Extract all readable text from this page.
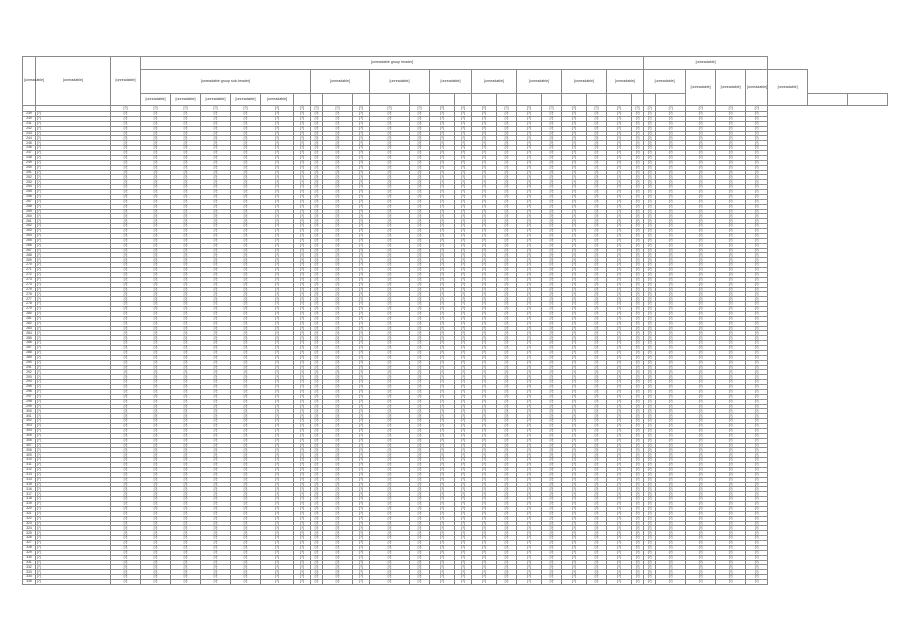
[unreadable]	[unreadable]	[unreadable]	[unreadable group header]																					[unreadable]							
			[unreadable group sub-header]						[unreadable]			[unreadable]		[unreadable]		[unreadable]		[unreadable]		[unreadable]		[unreadable]		[unreadable]		[unreadable]	[unreadable]	[unreadable]	[unreadable]		
			[unreadable]	[unreadable]	[unreadable]	[unreadable]	[unreadable]																								
		[?]	[?]	[?]	[?]	[?]	[?]	[?]	[?]	[?]	[?]	[?]	[?]	[?]	[?]	[?]	[?]	[?]	[?]	[?]	[?]	[?]	[?]	[?]	[?]	[?]	[?]	[?]			
239	[?]	[?]	[?]	[?]	[?]	[?]	[?]	[?]	[?]	[?]	[?]	[?]	[?]	[?]	[?]	[?]	[?]	[?]	[?]	[?]	[?]	[?]	[?]	[?]	[?]	[?]	[?]	[?]			
240	[?]	[?]	[?]	[?]	[?]	[?]	[?]	[?]	[?]	[?]	[?]	[?]	[?]	[?]	[?]	[?]	[?]	[?]	[?]	[?]	[?]	[?]	[?]	[?]	[?]	[?]	[?]	[?]			
241	[?]	[?]	[?]	[?]	[?]	[?]	[?]	[?]	[?]	[?]	[?]	[?]	[?]	[?]	[?]	[?]	[?]	[?]	[?]	[?]	[?]	[?]	[?]	[?]	[?]	[?]	[?]	[?]			
242	[?]	[?]	[?]	[?]	[?]	[?]	[?]	[?]	[?]	[?]	[?]	[?]	[?]	[?]	[?]	[?]	[?]	[?]	[?]	[?]	[?]	[?]	[?]	[?]	[?]	[?]	[?]	[?]			
243	[?]	[?]	[?]	[?]	[?]	[?]	[?]	[?]	[?]	[?]	[?]	[?]	[?]	[?]	[?]	[?]	[?]	[?]	[?]	[?]	[?]	[?]	[?]	[?]	[?]	[?]	[?]	[?]			
244	[?]	[?]	[?]	[?]	[?]	[?]	[?]	[?]	[?]	[?]	[?]	[?]	[?]	[?]	[?]	[?]	[?]	[?]	[?]	[?]	[?]	[?]	[?]	[?]	[?]	[?]	[?]	[?]			
245	[?]	[?]	[?]	[?]	[?]	[?]	[?]	[?]	[?]	[?]	[?]	[?]	[?]	[?]	[?]	[?]	[?]	[?]	[?]	[?]	[?]	[?]	[?]	[?]	[?]	[?]	[?]	[?]			
246	[?]	[?]	[?]	[?]	[?]	[?]	[?]	[?]	[?]	[?]	[?]	[?]	[?]	[?]	[?]	[?]	[?]	[?]	[?]	[?]	[?]	[?]	[?]	[?]	[?]	[?]	[?]	[?]			
247	[?]	[?]	[?]	[?]	[?]	[?]	[?]	[?]	[?]	[?]	[?]	[?]	[?]	[?]	[?]	[?]	[?]	[?]	[?]	[?]	[?]	[?]	[?]	[?]	[?]	[?]	[?]	[?]			
248	[?]	[?]	[?]	[?]	[?]	[?]	[?]	[?]	[?]	[?]	[?]	[?]	[?]	[?]	[?]	[?]	[?]	[?]	[?]	[?]	[?]	[?]	[?]	[?]	[?]	[?]	[?]	[?]			
249	[?]	[?]	[?]	[?]	[?]	[?]	[?]	[?]	[?]	[?]	[?]	[?]	[?]	[?]	[?]	[?]	[?]	[?]	[?]	[?]	[?]	[?]	[?]	[?]	[?]	[?]	[?]	[?]			
250	[?]	[?]	[?]	[?]	[?]	[?]	[?]	[?]	[?]	[?]	[?]	[?]	[?]	[?]	[?]	[?]	[?]	[?]	[?]	[?]	[?]	[?]	[?]	[?]	[?]	[?]	[?]	[?]			
251	[?]	[?]	[?]	[?]	[?]	[?]	[?]	[?]	[?]	[?]	[?]	[?]	[?]	[?]	[?]	[?]	[?]	[?]	[?]	[?]	[?]	[?]	[?]	[?]	[?]	[?]	[?]	[?]			
252	[?]	[?]	[?]	[?]	[?]	[?]	[?]	[?]	[?]	[?]	[?]	[?]	[?]	[?]	[?]	[?]	[?]	[?]	[?]	[?]	[?]	[?]	[?]	[?]	[?]	[?]	[?]	[?]			
253	[?]	[?]	[?]	[?]	[?]	[?]	[?]	[?]	[?]	[?]	[?]	[?]	[?]	[?]	[?]	[?]	[?]	[?]	[?]	[?]	[?]	[?]	[?]	[?]	[?]	[?]	[?]	[?]			
254	[?]	[?]	[?]	[?]	[?]	[?]	[?]	[?]	[?]	[?]	[?]	[?]	[?]	[?]	[?]	[?]	[?]	[?]	[?]	[?]	[?]	[?]	[?]	[?]	[?]	[?]	[?]	[?]			
255	[?]	[?]	[?]	[?]	[?]	[?]	[?]	[?]	[?]	[?]	[?]	[?]	[?]	[?]	[?]	[?]	[?]	[?]	[?]	[?]	[?]	[?]	[?]	[?]	[?]	[?]	[?]	[?]			
256	[?]	[?]	[?]	[?]	[?]	[?]	[?]	[?]	[?]	[?]	[?]	[?]	[?]	[?]	[?]	[?]	[?]	[?]	[?]	[?]	[?]	[?]	[?]	[?]	[?]	[?]	[?]	[?]			
257	[?]	[?]	[?]	[?]	[?]	[?]	[?]	[?]	[?]	[?]	[?]	[?]	[?]	[?]	[?]	[?]	[?]	[?]	[?]	[?]	[?]	[?]	[?]	[?]	[?]	[?]	[?]	[?]			
258	[?]	[?]	[?]	[?]	[?]	[?]	[?]	[?]	[?]	[?]	[?]	[?]	[?]	[?]	[?]	[?]	[?]	[?]	[?]	[?]	[?]	[?]	[?]	[?]	[?]	[?]	[?]	[?]			
259	[?]	[?]	[?]	[?]	[?]	[?]	[?]	[?]	[?]	[?]	[?]	[?]	[?]	[?]	[?]	[?]	[?]	[?]	[?]	[?]	[?]	[?]	[?]	[?]	[?]	[?]	[?]	[?]			
260	[?]	[?]	[?]	[?]	[?]	[?]	[?]	[?]	[?]	[?]	[?]	[?]	[?]	[?]	[?]	[?]	[?]	[?]	[?]	[?]	[?]	[?]	[?]	[?]	[?]	[?]	[?]	[?]			
261	[?]	[?]	[?]	[?]	[?]	[?]	[?]	[?]	[?]	[?]	[?]	[?]	[?]	[?]	[?]	[?]	[?]	[?]	[?]	[?]	[?]	[?]	[?]	[?]	[?]	[?]	[?]	[?]			
262	[?]	[?]	[?]	[?]	[?]	[?]	[?]	[?]	[?]	[?]	[?]	[?]	[?]	[?]	[?]	[?]	[?]	[?]	[?]	[?]	[?]	[?]	[?]	[?]	[?]	[?]	[?]	[?]			
263	[?]	[?]	[?]	[?]	[?]	[?]	[?]	[?]	[?]	[?]	[?]	[?]	[?]	[?]	[?]	[?]	[?]	[?]	[?]	[?]	[?]	[?]	[?]	[?]	[?]	[?]	[?]	[?]			
264	[?]	[?]	[?]	[?]	[?]	[?]	[?]	[?]	[?]	[?]	[?]	[?]	[?]	[?]	[?]	[?]	[?]	[?]	[?]	[?]	[?]	[?]	[?]	[?]	[?]	[?]	[?]	[?]			
265	[?]	[?]	[?]	[?]	[?]	[?]	[?]	[?]	[?]	[?]	[?]	[?]	[?]	[?]	[?]	[?]	[?]	[?]	[?]	[?]	[?]	[?]	[?]	[?]	[?]	[?]	[?]	[?]			
266	[?]	[?]	[?]	[?]	[?]	[?]	[?]	[?]	[?]	[?]	[?]	[?]	[?]	[?]	[?]	[?]	[?]	[?]	[?]	[?]	[?]	[?]	[?]	[?]	[?]	[?]	[?]	[?]			
267	[?]	[?]	[?]	[?]	[?]	[?]	[?]	[?]	[?]	[?]	[?]	[?]	[?]	[?]	[?]	[?]	[?]	[?]	[?]	[?]	[?]	[?]	[?]	[?]	[?]	[?]	[?]	[?]			
268	[?]	[?]	[?]	[?]	[?]	[?]	[?]	[?]	[?]	[?]	[?]	[?]	[?]	[?]	[?]	[?]	[?]	[?]	[?]	[?]	[?]	[?]	[?]	[?]	[?]	[?]	[?]	[?]			
269	[?]	[?]	[?]	[?]	[?]	[?]	[?]	[?]	[?]	[?]	[?]	[?]	[?]	[?]	[?]	[?]	[?]	[?]	[?]	[?]	[?]	[?]	[?]	[?]	[?]	[?]	[?]	[?]			
270	[?]	[?]	[?]	[?]	[?]	[?]	[?]	[?]	[?]	[?]	[?]	[?]	[?]	[?]	[?]	[?]	[?]	[?]	[?]	[?]	[?]	[?]	[?]	[?]	[?]	[?]	[?]	[?]			
271	[?]	[?]	[?]	[?]	[?]	[?]	[?]	[?]	[?]	[?]	[?]	[?]	[?]	[?]	[?]	[?]	[?]	[?]	[?]	[?]	[?]	[?]	[?]	[?]	[?]	[?]	[?]	[?]			
272	[?]	[?]	[?]	[?]	[?]	[?]	[?]	[?]	[?]	[?]	[?]	[?]	[?]	[?]	[?]	[?]	[?]	[?]	[?]	[?]	[?]	[?]	[?]	[?]	[?]	[?]	[?]	[?]			
273	[?]	[?]	[?]	[?]	[?]	[?]	[?]	[?]	[?]	[?]	[?]	[?]	[?]	[?]	[?]	[?]	[?]	[?]	[?]	[?]	[?]	[?]	[?]	[?]	[?]	[?]	[?]	[?]			
274	[?]	[?]	[?]	[?]	[?]	[?]	[?]	[?]	[?]	[?]	[?]	[?]	[?]	[?]	[?]	[?]	[?]	[?]	[?]	[?]	[?]	[?]	[?]	[?]	[?]	[?]	[?]	[?]			
275	[?]	[?]	[?]	[?]	[?]	[?]	[?]	[?]	[?]	[?]	[?]	[?]	[?]	[?]	[?]	[?]	[?]	[?]	[?]	[?]	[?]	[?]	[?]	[?]	[?]	[?]	[?]	[?]			
276	[?]	[?]	[?]	[?]	[?]	[?]	[?]	[?]	[?]	[?]	[?]	[?]	[?]	[?]	[?]	[?]	[?]	[?]	[?]	[?]	[?]	[?]	[?]	[?]	[?]	[?]	[?]	[?]			
277	[?]	[?]	[?]	[?]	[?]	[?]	[?]	[?]	[?]	[?]	[?]	[?]	[?]	[?]	[?]	[?]	[?]	[?]	[?]	[?]	[?]	[?]	[?]	[?]	[?]	[?]	[?]	[?]			
278	[?]	[?]	[?]	[?]	[?]	[?]	[?]	[?]	[?]	[?]	[?]	[?]	[?]	[?]	[?]	[?]	[?]	[?]	[?]	[?]	[?]	[?]	[?]	[?]	[?]	[?]	[?]	[?]			
279	[?]	[?]	[?]	[?]	[?]	[?]	[?]	[?]	[?]	[?]	[?]	[?]	[?]	[?]	[?]	[?]	[?]	[?]	[?]	[?]	[?]	[?]	[?]	[?]	[?]	[?]	[?]	[?]			
280	[?]	[?]	[?]	[?]	[?]	[?]	[?]	[?]	[?]	[?]	[?]	[?]	[?]	[?]	[?]	[?]	[?]	[?]	[?]	[?]	[?]	[?]	[?]	[?]	[?]	[?]	[?]	[?]			
281	[?]	[?]	[?]	[?]	[?]	[?]	[?]	[?]	[?]	[?]	[?]	[?]	[?]	[?]	[?]	[?]	[?]	[?]	[?]	[?]	[?]	[?]	[?]	[?]	[?]	[?]	[?]	[?]			
282	[?]	[?]	[?]	[?]	[?]	[?]	[?]	[?]	[?]	[?]	[?]	[?]	[?]	[?]	[?]	[?]	[?]	[?]	[?]	[?]	[?]	[?]	[?]	[?]	[?]	[?]	[?]	[?]			
283	[?]	[?]	[?]	[?]	[?]	[?]	[?]	[?]	[?]	[?]	[?]	[?]	[?]	[?]	[?]	[?]	[?]	[?]	[?]	[?]	[?]	[?]	[?]	[?]	[?]	[?]	[?]	[?]			
284	[?]	[?]	[?]	[?]	[?]	[?]	[?]	[?]	[?]	[?]	[?]	[?]	[?]	[?]	[?]	[?]	[?]	[?]	[?]	[?]	[?]	[?]	[?]	[?]	[?]	[?]	[?]	[?]			
285	[?]	[?]	[?]	[?]	[?]	[?]	[?]	[?]	[?]	[?]	[?]	[?]	[?]	[?]	[?]	[?]	[?]	[?]	[?]	[?]	[?]	[?]	[?]	[?]	[?]	[?]	[?]	[?]			
286	[?]	[?]	[?]	[?]	[?]	[?]	[?]	[?]	[?]	[?]	[?]	[?]	[?]	[?]	[?]	[?]	[?]	[?]	[?]	[?]	[?]	[?]	[?]	[?]	[?]	[?]	[?]	[?]			
287	[?]	[?]	[?]	[?]	[?]	[?]	[?]	[?]	[?]	[?]	[?]	[?]	[?]	[?]	[?]	[?]	[?]	[?]	[?]	[?]	[?]	[?]	[?]	[?]	[?]	[?]	[?]	[?]			
288	[?]	[?]	[?]	[?]	[?]	[?]	[?]	[?]	[?]	[?]	[?]	[?]	[?]	[?]	[?]	[?]	[?]	[?]	[?]	[?]	[?]	[?]	[?]	[?]	[?]	[?]	[?]	[?]			
289	[?]	[?]	[?]	[?]	[?]	[?]	[?]	[?]	[?]	[?]	[?]	[?]	[?]	[?]	[?]	[?]	[?]	[?]	[?]	[?]	[?]	[?]	[?]	[?]	[?]	[?]	[?]	[?]			
290	[?]	[?]	[?]	[?]	[?]	[?]	[?]	[?]	[?]	[?]	[?]	[?]	[?]	[?]	[?]	[?]	[?]	[?]	[?]	[?]	[?]	[?]	[?]	[?]	[?]	[?]	[?]	[?]			
291	[?]	[?]	[?]	[?]	[?]	[?]	[?]	[?]	[?]	[?]	[?]	[?]	[?]	[?]	[?]	[?]	[?]	[?]	[?]	[?]	[?]	[?]	[?]	[?]	[?]	[?]	[?]	[?]			
292	[?]	[?]	[?]	[?]	[?]	[?]	[?]	[?]	[?]	[?]	[?]	[?]	[?]	[?]	[?]	[?]	[?]	[?]	[?]	[?]	[?]	[?]	[?]	[?]	[?]	[?]	[?]	[?]			
293	[?]	[?]	[?]	[?]	[?]	[?]	[?]	[?]	[?]	[?]	[?]	[?]	[?]	[?]	[?]	[?]	[?]	[?]	[?]	[?]	[?]	[?]	[?]	[?]	[?]	[?]	[?]	[?]			
294	[?]	[?]	[?]	[?]	[?]	[?]	[?]	[?]	[?]	[?]	[?]	[?]	[?]	[?]	[?]	[?]	[?]	[?]	[?]	[?]	[?]	[?]	[?]	[?]	[?]	[?]	[?]	[?]			
295	[?]	[?]	[?]	[?]	[?]	[?]	[?]	[?]	[?]	[?]	[?]	[?]	[?]	[?]	[?]	[?]	[?]	[?]	[?]	[?]	[?]	[?]	[?]	[?]	[?]	[?]	[?]	[?]			
296	[?]	[?]	[?]	[?]	[?]	[?]	[?]	[?]	[?]	[?]	[?]	[?]	[?]	[?]	[?]	[?]	[?]	[?]	[?]	[?]	[?]	[?]	[?]	[?]	[?]	[?]	[?]	[?]			
297	[?]	[?]	[?]	[?]	[?]	[?]	[?]	[?]	[?]	[?]	[?]	[?]	[?]	[?]	[?]	[?]	[?]	[?]	[?]	[?]	[?]	[?]	[?]	[?]	[?]	[?]	[?]	[?]			
298	[?]	[?]	[?]	[?]	[?]	[?]	[?]	[?]	[?]	[?]	[?]	[?]	[?]	[?]	[?]	[?]	[?]	[?]	[?]	[?]	[?]	[?]	[?]	[?]	[?]	[?]	[?]	[?]			
299	[?]	[?]	[?]	[?]	[?]	[?]	[?]	[?]	[?]	[?]	[?]	[?]	[?]	[?]	[?]	[?]	[?]	[?]	[?]	[?]	[?]	[?]	[?]	[?]	[?]	[?]	[?]	[?]			
300	[?]	[?]	[?]	[?]	[?]	[?]	[?]	[?]	[?]	[?]	[?]	[?]	[?]	[?]	[?]	[?]	[?]	[?]	[?]	[?]	[?]	[?]	[?]	[?]	[?]	[?]	[?]	[?]			
301	[?]	[?]	[?]	[?]	[?]	[?]	[?]	[?]	[?]	[?]	[?]	[?]	[?]	[?]	[?]	[?]	[?]	[?]	[?]	[?]	[?]	[?]	[?]	[?]	[?]	[?]	[?]	[?]			
302	[?]	[?]	[?]	[?]	[?]	[?]	[?]	[?]	[?]	[?]	[?]	[?]	[?]	[?]	[?]	[?]	[?]	[?]	[?]	[?]	[?]	[?]	[?]	[?]	[?]	[?]	[?]	[?]			
303	[?]	[?]	[?]	[?]	[?]	[?]	[?]	[?]	[?]	[?]	[?]	[?]	[?]	[?]	[?]	[?]	[?]	[?]	[?]	[?]	[?]	[?]	[?]	[?]	[?]	[?]	[?]	[?]			
304	[?]	[?]	[?]	[?]	[?]	[?]	[?]	[?]	[?]	[?]	[?]	[?]	[?]	[?]	[?]	[?]	[?]	[?]	[?]	[?]	[?]	[?]	[?]	[?]	[?]	[?]	[?]	[?]			
305	[?]	[?]	[?]	[?]	[?]	[?]	[?]	[?]	[?]	[?]	[?]	[?]	[?]	[?]	[?]	[?]	[?]	[?]	[?]	[?]	[?]	[?]	[?]	[?]	[?]	[?]	[?]	[?]			
306	[?]	[?]	[?]	[?]	[?]	[?]	[?]	[?]	[?]	[?]	[?]	[?]	[?]	[?]	[?]	[?]	[?]	[?]	[?]	[?]	[?]	[?]	[?]	[?]	[?]	[?]	[?]	[?]			
307	[?]	[?]	[?]	[?]	[?]	[?]	[?]	[?]	[?]	[?]	[?]	[?]	[?]	[?]	[?]	[?]	[?]	[?]	[?]	[?]	[?]	[?]	[?]	[?]	[?]	[?]	[?]	[?]			
308	[?]	[?]	[?]	[?]	[?]	[?]	[?]	[?]	[?]	[?]	[?]	[?]	[?]	[?]	[?]	[?]	[?]	[?]	[?]	[?]	[?]	[?]	[?]	[?]	[?]	[?]	[?]	[?]			
309	[?]	[?]	[?]	[?]	[?]	[?]	[?]	[?]	[?]	[?]	[?]	[?]	[?]	[?]	[?]	[?]	[?]	[?]	[?]	[?]	[?]	[?]	[?]	[?]	[?]	[?]	[?]	[?]			
310	[?]	[?]	[?]	[?]	[?]	[?]	[?]	[?]	[?]	[?]	[?]	[?]	[?]	[?]	[?]	[?]	[?]	[?]	[?]	[?]	[?]	[?]	[?]	[?]	[?]	[?]	[?]	[?]			
311	[?]	[?]	[?]	[?]	[?]	[?]	[?]	[?]	[?]	[?]	[?]	[?]	[?]	[?]	[?]	[?]	[?]	[?]	[?]	[?]	[?]	[?]	[?]	[?]	[?]	[?]	[?]	[?]			
312	[?]	[?]	[?]	[?]	[?]	[?]	[?]	[?]	[?]	[?]	[?]	[?]	[?]	[?]	[?]	[?]	[?]	[?]	[?]	[?]	[?]	[?]	[?]	[?]	[?]	[?]	[?]	[?]			
313	[?]	[?]	[?]	[?]	[?]	[?]	[?]	[?]	[?]	[?]	[?]	[?]	[?]	[?]	[?]	[?]	[?]	[?]	[?]	[?]	[?]	[?]	[?]	[?]	[?]	[?]	[?]	[?]			
314	[?]	[?]	[?]	[?]	[?]	[?]	[?]	[?]	[?]	[?]	[?]	[?]	[?]	[?]	[?]	[?]	[?]	[?]	[?]	[?]	[?]	[?]	[?]	[?]	[?]	[?]	[?]	[?]			
315	[?]	[?]	[?]	[?]	[?]	[?]	[?]	[?]	[?]	[?]	[?]	[?]	[?]	[?]	[?]	[?]	[?]	[?]	[?]	[?]	[?]	[?]	[?]	[?]	[?]	[?]	[?]	[?]			
316	[?]	[?]	[?]	[?]	[?]	[?]	[?]	[?]	[?]	[?]	[?]	[?]	[?]	[?]	[?]	[?]	[?]	[?]	[?]	[?]	[?]	[?]	[?]	[?]	[?]	[?]	[?]	[?]			
317	[?]	[?]	[?]	[?]	[?]	[?]	[?]	[?]	[?]	[?]	[?]	[?]	[?]	[?]	[?]	[?]	[?]	[?]	[?]	[?]	[?]	[?]	[?]	[?]	[?]	[?]	[?]	[?]			
318	[?]	[?]	[?]	[?]	[?]	[?]	[?]	[?]	[?]	[?]	[?]	[?]	[?]	[?]	[?]	[?]	[?]	[?]	[?]	[?]	[?]	[?]	[?]	[?]	[?]	[?]	[?]	[?]			
319	[?]	[?]	[?]	[?]	[?]	[?]	[?]	[?]	[?]	[?]	[?]	[?]	[?]	[?]	[?]	[?]	[?]	[?]	[?]	[?]	[?]	[?]	[?]	[?]	[?]	[?]	[?]	[?]			
320	[?]	[?]	[?]	[?]	[?]	[?]	[?]	[?]	[?]	[?]	[?]	[?]	[?]	[?]	[?]	[?]	[?]	[?]	[?]	[?]	[?]	[?]	[?]	[?]	[?]	[?]	[?]	[?]			
321	[?]	[?]	[?]	[?]	[?]	[?]	[?]	[?]	[?]	[?]	[?]	[?]	[?]	[?]	[?]	[?]	[?]	[?]	[?]	[?]	[?]	[?]	[?]	[?]	[?]	[?]	[?]	[?]			
322	[?]	[?]	[?]	[?]	[?]	[?]	[?]	[?]	[?]	[?]	[?]	[?]	[?]	[?]	[?]	[?]	[?]	[?]	[?]	[?]	[?]	[?]	[?]	[?]	[?]	[?]	[?]	[?]			
323	[?]	[?]	[?]	[?]	[?]	[?]	[?]	[?]	[?]	[?]	[?]	[?]	[?]	[?]	[?]	[?]	[?]	[?]	[?]	[?]	[?]	[?]	[?]	[?]	[?]	[?]	[?]	[?]			
324	[?]	[?]	[?]	[?]	[?]	[?]	[?]	[?]	[?]	[?]	[?]	[?]	[?]	[?]	[?]	[?]	[?]	[?]	[?]	[?]	[?]	[?]	[?]	[?]	[?]	[?]	[?]	[?]			
325	[?]	[?]	[?]	[?]	[?]	[?]	[?]	[?]	[?]	[?]	[?]	[?]	[?]	[?]	[?]	[?]	[?]	[?]	[?]	[?]	[?]	[?]	[?]	[?]	[?]	[?]	[?]	[?]			
326	[?]	[?]	[?]	[?]	[?]	[?]	[?]	[?]	[?]	[?]	[?]	[?]	[?]	[?]	[?]	[?]	[?]	[?]	[?]	[?]	[?]	[?]	[?]	[?]	[?]	[?]	[?]	[?]			
327	[?]	[?]	[?]	[?]	[?]	[?]	[?]	[?]	[?]	[?]	[?]	[?]	[?]	[?]	[?]	[?]	[?]	[?]	[?]	[?]	[?]	[?]	[?]	[?]	[?]	[?]	[?]	[?]			
328	[?]	[?]	[?]	[?]	[?]	[?]	[?]	[?]	[?]	[?]	[?]	[?]	[?]	[?]	[?]	[?]	[?]	[?]	[?]	[?]	[?]	[?]	[?]	[?]	[?]	[?]	[?]	[?]			
329	[?]	[?]	[?]	[?]	[?]	[?]	[?]	[?]	[?]	[?]	[?]	[?]	[?]	[?]	[?]	[?]	[?]	[?]	[?]	[?]	[?]	[?]	[?]	[?]	[?]	[?]	[?]	[?]			
330	[?]	[?]	[?]	[?]	[?]	[?]	[?]	[?]	[?]	[?]	[?]	[?]	[?]	[?]	[?]	[?]	[?]	[?]	[?]	[?]	[?]	[?]	[?]	[?]	[?]	[?]	[?]	[?]			
331	[?]	[?]	[?]	[?]	[?]	[?]	[?]	[?]	[?]	[?]	[?]	[?]	[?]	[?]	[?]	[?]	[?]	[?]	[?]	[?]	[?]	[?]	[?]	[?]	[?]	[?]	[?]	[?]			
332	[?]	[?]	[?]	[?]	[?]	[?]	[?]	[?]	[?]	[?]	[?]	[?]	[?]	[?]	[?]	[?]	[?]	[?]	[?]	[?]	[?]	[?]	[?]	[?]	[?]	[?]	[?]	[?]			
333	[?]	[?]	[?]	[?]	[?]	[?]	[?]	[?]	[?]	[?]	[?]	[?]	[?]	[?]	[?]	[?]	[?]	[?]	[?]	[?]	[?]	[?]	[?]	[?]	[?]	[?]	[?]	[?]			
334	[?]	[?]	[?]	[?]	[?]	[?]	[?]	[?]	[?]	[?]	[?]	[?]	[?]	[?]	[?]	[?]	[?]	[?]	[?]	[?]	[?]	[?]	[?]	[?]	[?]	[?]	[?]	[?]			
335	[?]	[?]	[?]	[?]	[?]	[?]	[?]	[?]	[?]	[?]	[?]	[?]	[?]	[?]	[?]	[?]	[?]	[?]	[?]	[?]	[?]	[?]	[?]	[?]	[?]	[?]	[?]	[?]			
